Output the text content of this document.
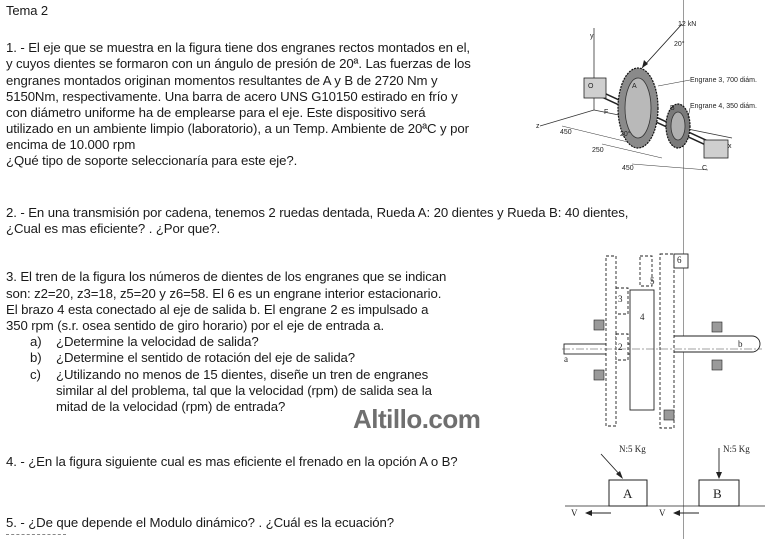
Tema 2
1. - El eje que se muestra en la figura tiene dos engranes rectos montados en el,
y cuyos dientes se formaron con un ángulo de presión de 20ª. Las fuerzas de los
engranes montados originan momentos resultantes de A y B de 2720 Nm y
5150Nm, respectivamente. Una barra de acero UNS G10150 estirado en frío y
con diámetro uniforme ha de emplearse para el eje. Este dispositivo será
utilizado en un ambiente limpio (laboratorio), a un Temp. Ambiente de 20ªC y por
encima de 10.000 rpm
¿Qué tipo de soporte seleccionaría para este eje?.
y
z
x
O	A
B
C
F
12 kN
20°
20°
Engrane 3, 700 diám.
Engrane 4, 350 diám.
450
250
450
2. - En una transmisión por cadena, tenemos 2 ruedas dentada, Rueda A: 20 dientes y Rueda B: 40 dientes,
¿Cual es mas eficiente? . ¿Por que?.
3. El tren de la figura los números de dientes de los engranes que se indican
son: z2=20, z3=18, z5=20 y z6=58. El 6 es un engrane interior estacionario.
El brazo 4 esta conectado al eje de salida b. El engrane 2 es impulsado a
350 rpm (s.r. osea sentido de giro horario) por el eje de entrada a.
a) ¿Determine la velocidad de salida?
b) ¿Determine el sentido de rotación del eje de salida?
c) ¿Utilizando no menos de 15 dientes, diseñe un tren de engranes
similar al del problema, tal que la velocidad (rpm) de salida sea la
mitad de la velocidad (rpm) de entrada?
a
b
6
5
3
4
2
Altillo.com
4. - ¿En la figura siguiente cual es mas eficiente el frenado en la opción A o B?
A
N:5 Kg
B
N:5 Kg
V	V
5. - ¿De que depende el Modulo dinámico? . ¿Cuál es la ecuación?
